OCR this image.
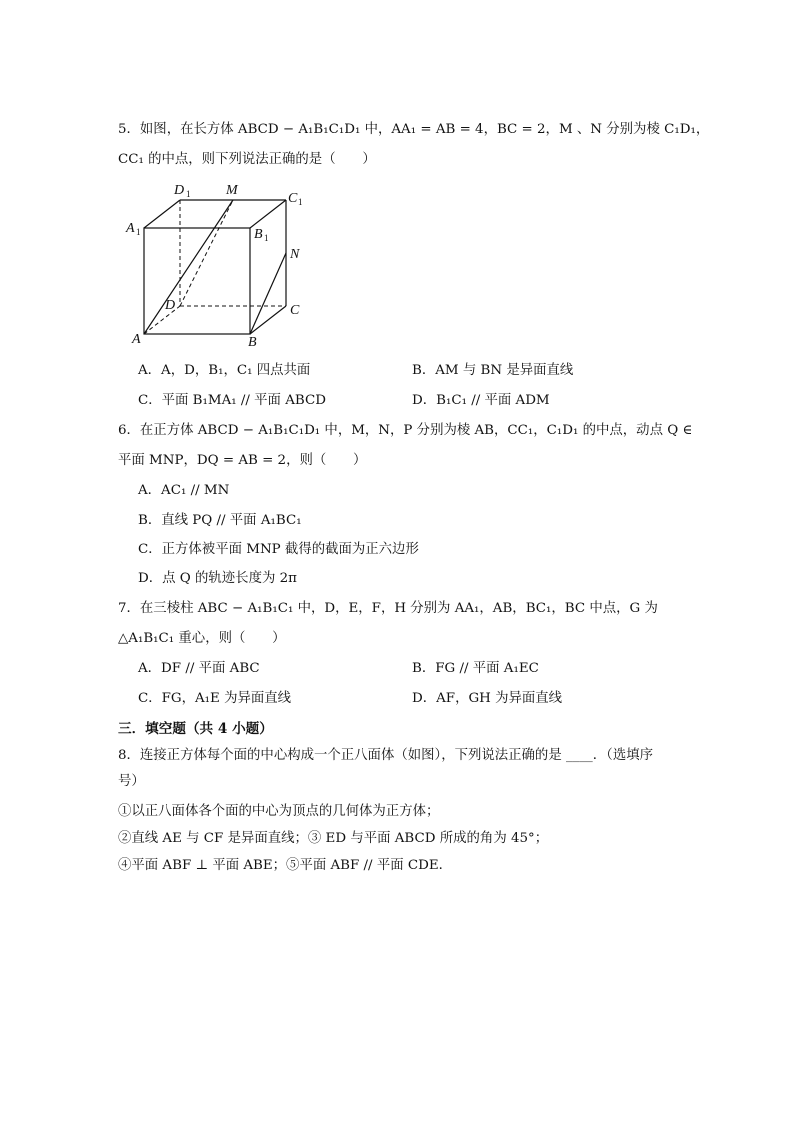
5．如图，在长方体 ABCD − A₁B₁C₁D₁ 中，AA₁ = AB = 4，BC = 2，M 、N 分别为棱 C₁D₁，
CC₁ 的中点，则下列说法正确的是（　　）
D 1	M
C 1
A 1	B 1
N
D	C
A	B
A．A，D，B₁，C₁ 四点共面	B．AM 与 BN 是异面直线
C．平面 B₁MA₁ // 平面 ABCD	D．B₁C₁ // 平面 ADM
6．在正方体 ABCD − A₁B₁C₁D₁ 中，M，N，P 分别为棱 AB，CC₁，C₁D₁ 的中点，动点 Q ∈
平面 MNP，DQ = AB = 2，则（　　）
A．AC₁ // MN
B．直线 PQ // 平面 A₁BC₁
C．正方体被平面 MNP 截得的截面为正六边形
D．点 Q 的轨迹长度为 2π
7．在三棱柱 ABC − A₁B₁C₁ 中，D，E，F，H 分别为 AA₁，AB，BC₁，BC 中点，G 为
△A₁B₁C₁ 重心，则（　　）
A．DF // 平面 ABC	B．FG // 平面 A₁EC
C．FG，A₁E 为异面直线	D．AF，GH 为异面直线
三．填空题（共 4 小题）
8．连接正方体每个面的中心构成一个正八面体（如图），下列说法正确的是 ____．（选填序
号）
①以正八面体各个面的中心为顶点的几何体为正方体；
②直线 AE 与 CF 是异面直线；③ ED 与平面 ABCD 所成的角为 45°；
④平面 ABF ⊥ 平面 ABE；⑤平面 ABF // 平面 CDE．
